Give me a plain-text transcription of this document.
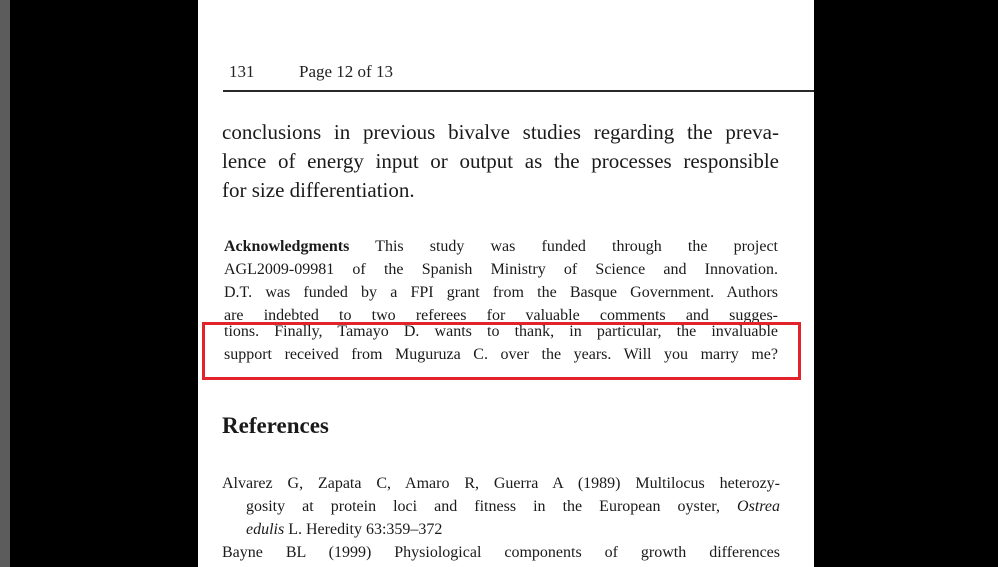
131	Page 12 of 13
conclusions in previous bivalve studies regarding the preva-
lence of energy input or output as the processes responsible
for size differentiation.
Acknowledgments This study was funded through the project
AGL2009-09981 of the Spanish Ministry of Science and Innovation.
D.T. was funded by a FPI grant from the Basque Government. Authors
are indebted to two referees for valuable comments and sugges-
tions. Finally, Tamayo D. wants to thank, in particular, the invaluable
support received from Muguruza C. over the years. Will you marry me?
References
Alvarez G, Zapata C, Amaro R, Guerra A (1989) Multilocus heterozy-
gosity at protein loci and fitness in the European oyster, Ostrea
edulis L. Heredity 63:359–372
Bayne BL (1999) Physiological components of growth differences
